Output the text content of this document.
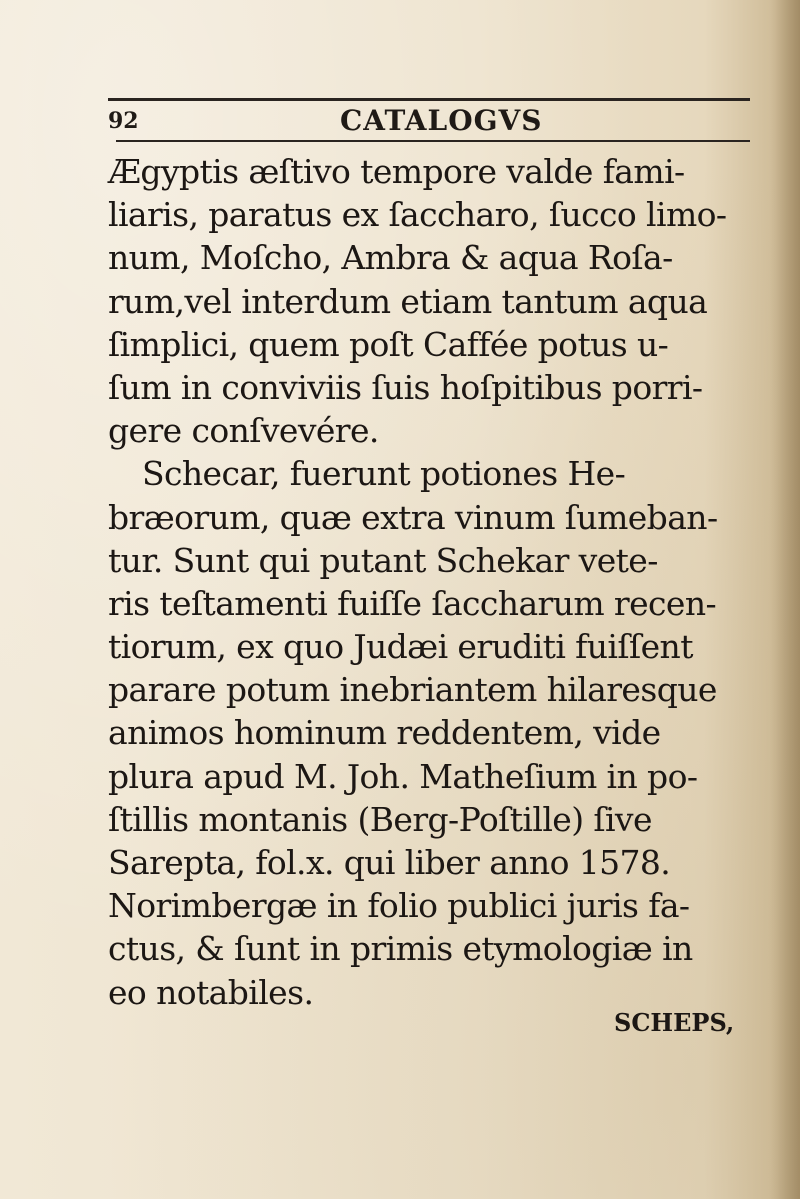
92	CATALOGVS
Ægyptis æſtivo tempore valde fami-
liaris, paratus ex ſaccharo, ſucco limo-
num, Moſcho, Ambra & aqua Roſa-
rum,vel interdum etiam tantum aqua
ſimplici, quem poſt Caffée potus u-
ſum in conviviis ſuis hoſpitibus porri-
gere conſvevére.
Schecar, fuerunt potiones He-
bræorum, quæ extra vinum ſumeban-
tur. Sunt qui putant Schekar vete-
ris teſtamenti fuiſſe ſaccharum recen-
tiorum, ex quo Judæi eruditi fuiſſent
parare potum inebriantem hilaresque
animos hominum reddentem, vide
plura apud M. Joh. Matheſium in po-
ſtillis montanis (Berg-Poſtille) ſive
Sarepta, fol.x. qui liber anno 1578.
Norimbergæ in folio publici juris fa-
ctus, & ſunt in primis etymologiæ in
eo notabiles.
SCHEPS,
